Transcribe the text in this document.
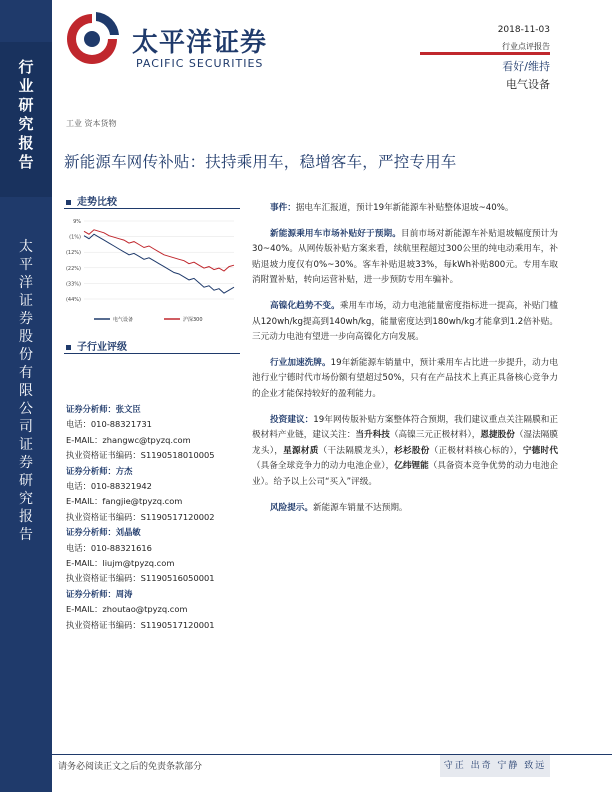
行
业
研
究
报
告
太
平
洋
证
券
股
份
有
限
公
司
证
券
研
究
报
告
太平洋证券
PACIFIC SECURITIES
2018-11-03
行业点评报告
看好/维持
电气设备
工业 资本货物
新能源车网传补贴：扶持乘用车，稳增客车，严控专用车
走势比较
9%
(1%)
(12%)
(22%)
(33%)
(44%)
电气设备	沪深300
子行业评级
证券分析师：张文臣
电话：010-88321731
E-MAIL：zhangwc@tpyzq.com
执业资格证书编码：S1190518010005
证券分析师：方杰
电话：010-88321942
E-MAIL：fangjie@tpyzq.com
执业资格证书编码：S1190517120002
证券分析师：刘晶敏
电话：010-88321616
E-MAIL：liujm@tpyzq.com
执业资格证书编码：S1190516050001
证券分析师：周涛
E-MAIL：zhoutao@tpyzq.com
执业资格证书编码：S1190517120001

事件：据电车汇报道，预计19年新能源车补贴整体退坡~40%。

新能源乘用车市场补贴好于预期。目前市场对新能源车补贴退坡幅度预计为30~40%。从网传版补贴方案来看，续航里程超过300公里的纯电动乘用车，补贴退坡力度仅有0%~30%。客车补贴退坡33%，每kWh补贴800元。专用车取消附置补贴，转向运营补贴，进一步预防专用车骗补。

高镍化趋势不变。乘用车市场，动力电池能量密度指标进一提高，补贴门槛从120wh/kg提高到140wh/kg，能量密度达到180wh/kg才能拿到1.2倍补贴。三元动力电池有望进一步向高镍化方向发展。

行业加速洗牌。19年新能源车销量中，预计乘用车占比进一步提升，动力电池行业宁德时代市场份额有望超过50%，只有在产品技术上真正具备核心竞争力的企业才能保持较好的盈利能力。

投资建议：19年网传版补贴方案整体符合预期，我们建议重点关注隔膜和正极材料产业链，建议关注：当升科技（高镍三元正极材料），恩捷股份（湿法隔膜龙头），星源材质（干法隔膜龙头），杉杉股份（正极材料核心标的），宁德时代（具备全球竞争力的动力电池企业），亿纬锂能（具备资本竞争优势的动力电池企业）。给予以上公司“买入”评级。

风险提示。新能源车销量不达预期。

请务必阅读正文之后的免责条款部分	守正 出奇 宁静 致远
